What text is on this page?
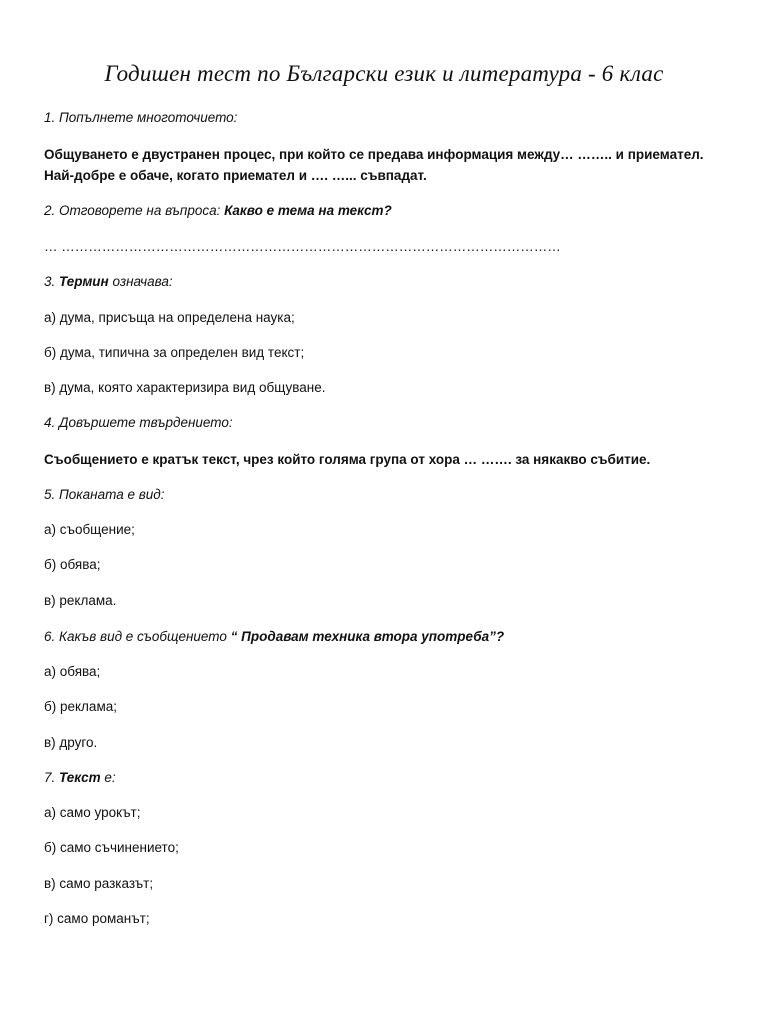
Годишен тест по Български език и литература - 6 клас
1. Попълнете многоточието:
Общуването е двустранен процес, при който се предава информация между… …….. и приемател.
Най-добре е обаче, когато приемател и …. …... съвпадат.
2. Отговорете на въпроса: Какво е тема на текст?
… …………………………………………………………………………………………………
3. Термин означава:
а) дума, присъща на определена наука;
б) дума, типична за определен вид текст;
в) дума, която характеризира вид общуване.
4. Довършете твърдението:
Съобщението е кратък текст, чрез който голяма група от хора … ……. за някакво събитие.
5. Поканата е вид:
а) съобщение;
б) обява;
в) реклама.
6. Какъв вид е съобщението “ Продавам техника втора употреба”?
а) обява;
б) реклама;
в) друго.
7. Текст е:
а) само урокът;
б) само съчинението;
в) само разказът;
г) само романът;
